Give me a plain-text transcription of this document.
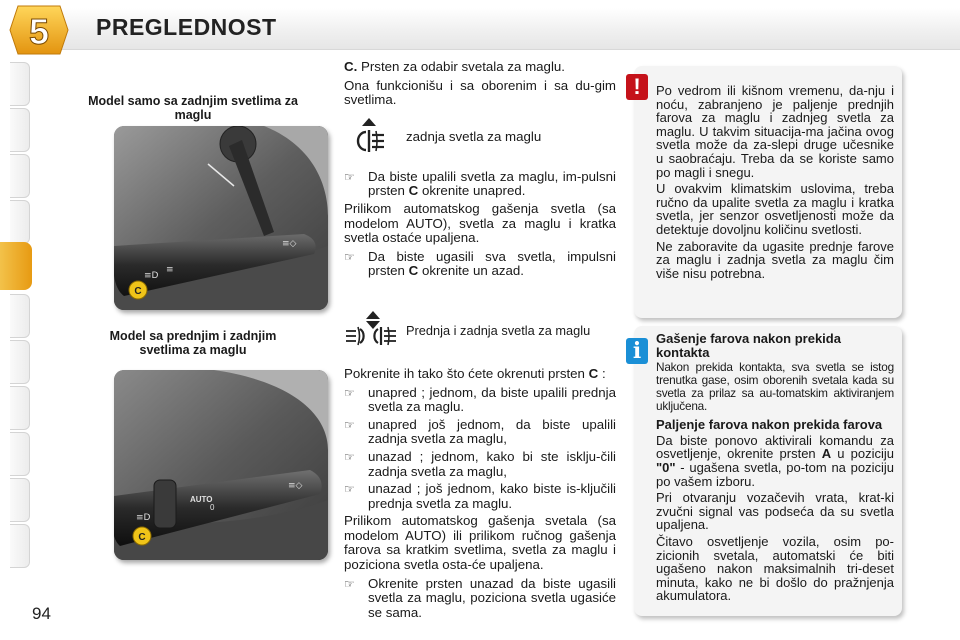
5 PREGLEDNOST
94
Model samo sa zadnjim svetlima za maglu
≡D
≡
≡◇
C
Model sa prednjim i zadnjim svetlima za maglu
AUTO
0
≡D
≡◇
C
C. Prsten za odabir svetala za maglu.
Ona funkcionišu i sa oborenim i sa du-gim svetlima.
zadnja svetla za maglu
☞ Da biste upalili svetla za maglu, im-pulsni prsten C okrenite unapred.
Prilikom automatskog gašenja svetla (sa modelom AUTO), svetla za maglu i kratka svetla ostaće upaljena.
☞ Da biste ugasili sva svetla, impulsni prsten C okrenite un azad.
Prednja i zadnja svetla za maglu
Pokrenite ih tako što ćete okrenuti prsten C :
☞ unapred ; jednom, da biste upalili prednja svetla za maglu.
☞ unapred još jednom, da biste upalili zadnja svetla za maglu,
☞ unazad ; jednom, kako bi ste isklju-čili zadnja svetla za maglu,
☞ unazad ; još jednom, kako biste is-ključili prednja svetla za maglu.
Prilikom automatskog gašenja svetala (sa modelom AUTO) ili prilikom ručnog gašenja farova sa kratkim svetlima, svetla za maglu i poziciona svetla osta-će upaljena.
☞ Okrenite prsten unazad da biste ugasili svetla za maglu, poziciona svetla ugasiće se sama.
Po vedrom ili kišnom vremenu, da-nju i noću, zabranjeno je paljenje prednjih farova za maglu i zadnjeg svetla za maglu. U takvim situacija-ma jačina ovog svetla može da za-slepi druge učesnike u saobraćaju. Treba da se koriste samo po magli i snegu.
U ovakvim klimatskim uslovima, treba ručno da upalite svetla za maglu i kratka svetla, jer senzor osvetljenosti može da detektuje dovoljnu količinu svetlosti.
Ne zaboravite da ugasite prednje farove za maglu i zadnja svetla za maglu čim više nisu potrebna.
!
Gašenje farova nakon prekida kontakta
Nakon prekida kontakta, sva svetla se istog trenutka gase, osim oborenih svetala kada su svetla za prilaz sa au-tomatskim aktiviranjem uključena.
Paljenje farova nakon prekida farova
Da biste ponovo aktivirali komandu za osvetljenje, okrenite prsten A u poziciju "0" - ugašena svetla, po-tom na poziciju po vašem izboru.
Pri otvaranju vozačevih vrata, krat-ki zvučni signal vas podseća da su svetla upaljena.
Čitavo osvetljenje vozila, osim po-zicionih svetala, automatski će biti ugašeno nakon maksimalnih tri-deset minuta, kako ne bi došlo do pražnjenja akumulatora.
i
